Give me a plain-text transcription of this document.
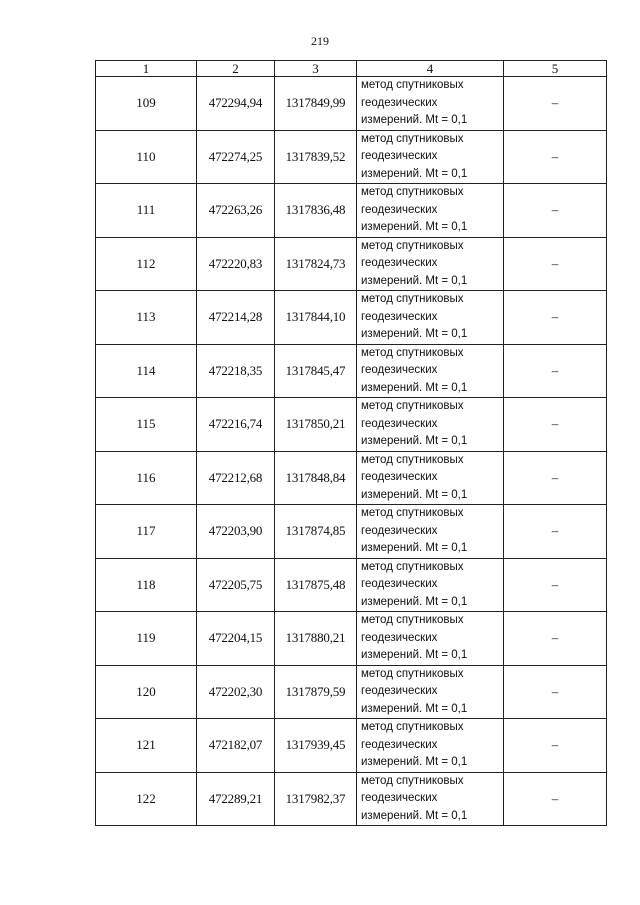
219
1	2	3	4	5
109	472294,94	1317849,99	метод спутниковых
геодезических
измерений. Mt = 0,1	–
110	472274,25	1317839,52	метод спутниковых
геодезических
измерений. Mt = 0,1	–
111	472263,26	1317836,48	метод спутниковых
геодезических
измерений. Mt = 0,1	–
112	472220,83	1317824,73	метод спутниковых
геодезических
измерений. Mt = 0,1	–
113	472214,28	1317844,10	метод спутниковых
геодезических
измерений. Mt = 0,1	–
114	472218,35	1317845,47	метод спутниковых
геодезических
измерений. Mt = 0,1	–
115	472216,74	1317850,21	метод спутниковых
геодезических
измерений. Mt = 0,1	–
116	472212,68	1317848,84	метод спутниковых
геодезических
измерений. Mt = 0,1	–
117	472203,90	1317874,85	метод спутниковых
геодезических
измерений. Mt = 0,1	–
118	472205,75	1317875,48	метод спутниковых
геодезических
измерений. Mt = 0,1	–
119	472204,15	1317880,21	метод спутниковых
геодезических
измерений. Mt = 0,1	–
120	472202,30	1317879,59	метод спутниковых
геодезических
измерений. Mt = 0,1	–
121	472182,07	1317939,45	метод спутниковых
геодезических
измерений. Mt = 0,1	–
122	472289,21	1317982,37	метод спутниковых
геодезических
измерений. Mt = 0,1	–
